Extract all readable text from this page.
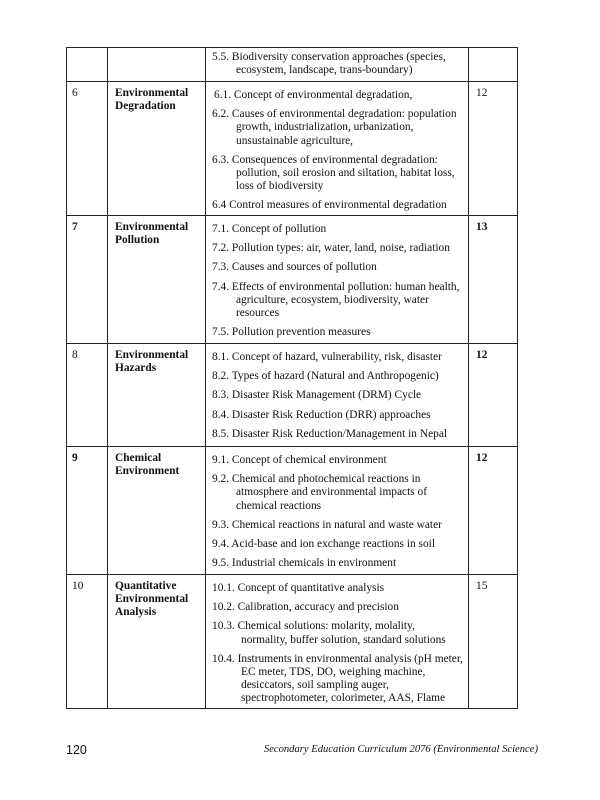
		5.5. Biodiversity conservation approaches (species, ecosystem, landscape, trans-boundary)	

6	Environmental Degradation	6.1. Concept of environmental degradation,
6.2. Causes of environmental degradation: population growth, industrialization, urbanization, unsustainable agriculture,
6.3. Consequences of environmental degradation: pollution, soil erosion and siltation, habitat loss, loss of biodiversity
6.4 Control measures of environmental degradation	12
7	Environmental Pollution	7.1. Concept of pollution
7.2. Pollution types: air, water, land, noise, radiation
7.3. Causes and sources of pollution
7.4. Effects of environmental pollution: human health, agriculture, ecosystem, biodiversity, water resources
7.5. Pollution prevention measures	13
8	Environmental Hazards	8.1. Concept of hazard, vulnerability, risk, disaster
8.2. Types of hazard (Natural and Anthropogenic)
8.3. Disaster Risk Management (DRM) Cycle
8.4. Disaster Risk Reduction (DRR) approaches
8.5. Disaster Risk Reduction/Management in Nepal	12
9	Chemical Environment	9.1. Concept of chemical environment
9.2. Chemical and photochemical reactions in atmosphere and environmental impacts of chemical reactions
9.3. Chemical reactions in natural and waste water
9.4. Acid-base and ion exchange reactions in soil
9.5. Industrial chemicals in environment	12
10	Quantitative Environmental Analysis	10.1. Concept of quantitative analysis
10.2. Calibration, accuracy and precision
10.3. Chemical solutions: molarity, molality, normality, buffer solution, standard solutions
10.4. Instruments in environmental analysis (pH meter, EC meter, TDS, DO, weighing machine, desiccators, soil sampling auger, spectrophotometer, colorimeter, AAS, Flame	15
120	Secondary Education Curriculum 2076 (Environmental Science)
